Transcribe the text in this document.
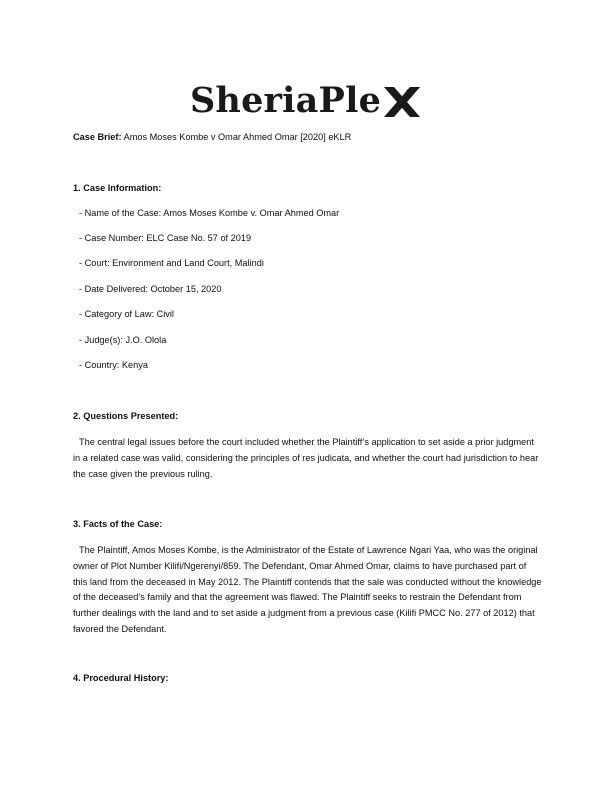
SheriaPle
Case Brief: Amos Moses Kombe v Omar Ahmed Omar [2020] eKLR
1. Case Information:
- Name of the Case: Amos Moses Kombe v. Omar Ahmed Omar
- Case Number: ELC Case No. 57 of 2019
- Court: Environment and Land Court, Malindi
- Date Delivered: October 15, 2020
- Category of Law: Civil
- Judge(s): J.O. Olola
- Country: Kenya
2. Questions Presented:
The central legal issues before the court included whether the Plaintiff’s application to set aside a prior judgment in a related case was valid, considering the principles of res judicata, and whether the court had jurisdiction to hear the case given the previous ruling.
3. Facts of the Case:
The Plaintiff, Amos Moses Kombe, is the Administrator of the Estate of Lawrence Ngari Yaa, who was the original owner of Plot Number Kilifi/Ngerenyi/859. The Defendant, Omar Ahmed Omar, claims to have purchased part of this land from the deceased in May 2012. The Plaintiff contends that the sale was conducted without the knowledge of the deceased’s family and that the agreement was flawed. The Plaintiff seeks to restrain the Defendant from further dealings with the land and to set aside a judgment from a previous case (Kilifi PMCC No. 277 of 2012) that favored the Defendant.
4. Procedural History:
